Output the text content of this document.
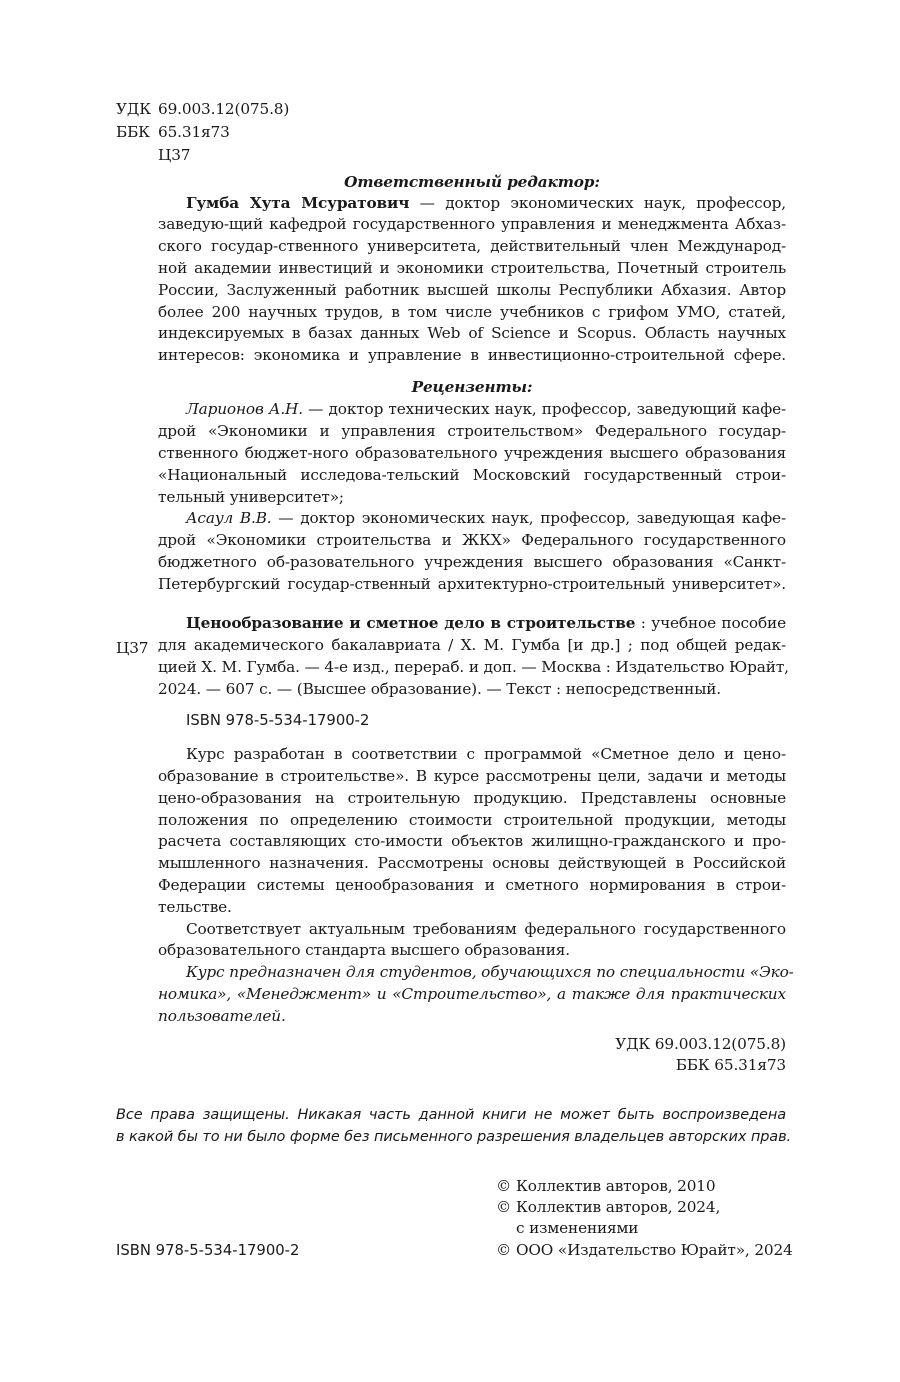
УДК 69.003.12(075.8)
ББК 65.31я73
Ц37
Ответственный редактор:
Гумба Хута Мсуратович — доктор экономических наук, профессор,
заведую-щий кафедрой государственного управления и менеджмента Абхаз-
ского государ-ственного университета, действительный член Международ-
ной академии инвестиций и экономики строительства, Почетный строитель
России, Заслуженный работник высшей школы Республики Абхазия. Автор
более 200 научных трудов, в том числе учебников с грифом УМО, статей,
индексируемых в базах данных Web of Science и Scopus. Область научных
интересов: экономика и управление в инвестиционно-строительной сфере.
Рецензенты:
Ларионов А.Н. — доктор технических наук, профессор, заведующий кафе-
дрой «Экономики и управления строительством» Федерального государ-
ственного бюджет-ного образовательного учреждения высшего образования
«Национальный исследова-тельский Московский государственный строи-
тельный университет»;
Асаул В.В. — доктор экономических наук, профессор, заведующая кафе-
дрой «Экономики строительства и ЖКХ» Федерального государственного
бюджетного об-разовательного учреждения высшего образования «Санкт-
Петербургский государ-ственный архитектурно-строительный университет».
Ценообразование и сметное дело в строительстве : учебное пособие
Ц37 для академического бакалавриата / Х. М. Гумба [и др.] ; под общей редак-
цией Х. М. Гумба. — 4-е изд., перераб. и доп. — Москва : Издательство Юрайт,
2024. — 607 с. — (Высшее образование). — Текст : непосредственный.
ISBN 978-5-534-17900-2
Курс разработан в соответствии с программой «Сметное дело и цено-
образование в строительстве». В курсе рассмотрены цели, задачи и методы
цено-образования на строительную продукцию. Представлены основные
положения по определению стоимости строительной продукции, методы
расчета составляющих сто-имости объектов жилищно-гражданского и про-
мышленного назначения. Рассмотрены основы действующей в Российской
Федерации системы ценообразования и сметного нормирования в строи-
тельстве.
Соответствует актуальным требованиям федерального государственного
образовательного стандарта высшего образования.
Курс предназначен для студентов, обучающихся по специальности «Эко-
номика», «Менеджмент» и «Строительство», а также для практических
пользователей.
УДК 69.003.12(075.8)
ББК 65.31я73
Все права защищены. Никакая часть данной книги не может быть воспроизведена
в какой бы то ни было форме без письменного разрешения владельцев авторских прав.
© Коллектив авторов, 2010
© Коллектив авторов, 2024,
с изменениями
© ООО «Издательство Юрайт», 2024
ISBN 978-5-534-17900-2
